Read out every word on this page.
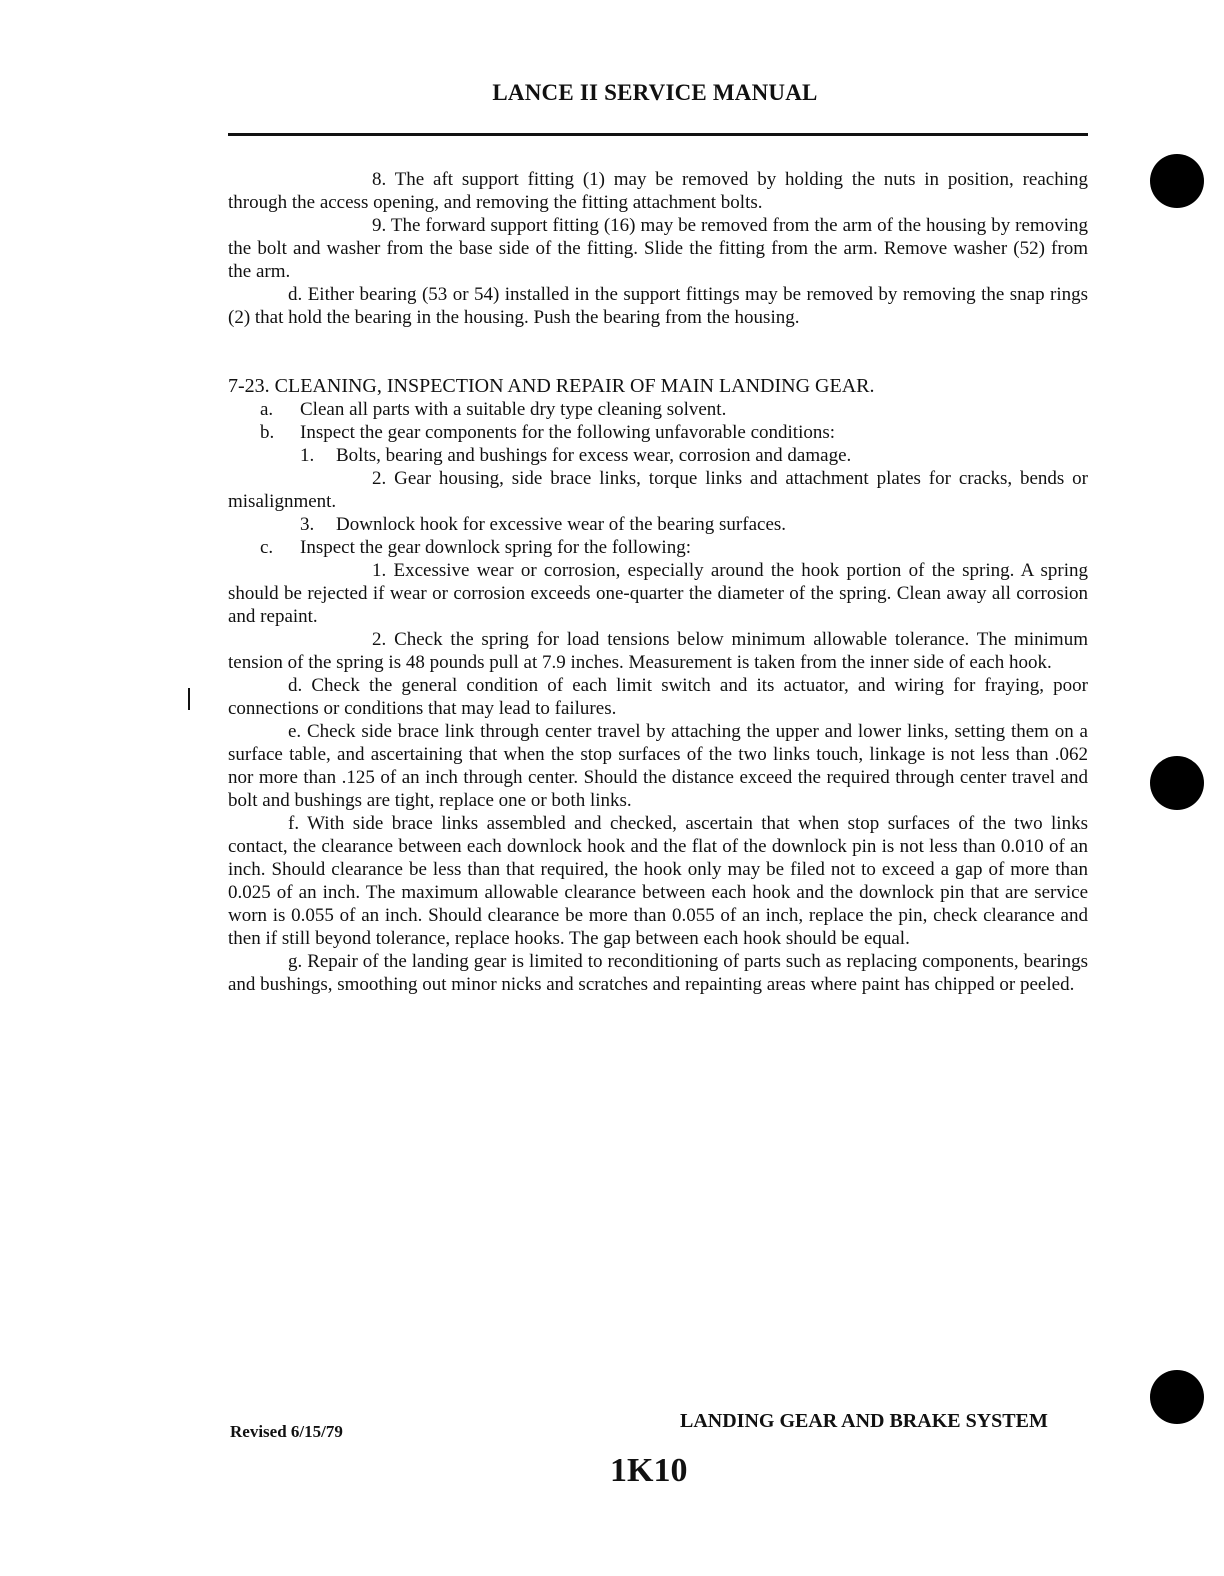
LANCE II SERVICE MANUAL

8. The aft support fitting (1) may be removed by holding the nuts in position, reaching through the access opening, and removing the fitting attachment bolts.

9. The forward support fitting (16) may be removed from the arm of the housing by removing the bolt and washer from the base side of the fitting. Slide the fitting from the arm. Remove washer (52) from the arm.

d. Either bearing (53 or 54) installed in the support fittings may be removed by removing the snap rings (2) that hold the bearing in the housing. Push the bearing from the housing.

7-23. CLEANING, INSPECTION AND REPAIR OF MAIN LANDING GEAR.

a. Clean all parts with a suitable dry type cleaning solvent.

b. Inspect the gear components for the following unfavorable conditions:

1. Bolts, bearing and bushings for excess wear, corrosion and damage.

2. Gear housing, side brace links, torque links and attachment plates for cracks, bends or misalignment.

3. Downlock hook for excessive wear of the bearing surfaces.

c. Inspect the gear downlock spring for the following:

1. Excessive wear or corrosion, especially around the hook portion of the spring. A spring should be rejected if wear or corrosion exceeds one-quarter the diameter of the spring. Clean away all corrosion and repaint.

2. Check the spring for load tensions below minimum allowable tolerance. The minimum tension of the spring is 48 pounds pull at 7.9 inches. Measurement is taken from the inner side of each hook.

d. Check the general condition of each limit switch and its actuator, and wiring for fraying, poor connections or conditions that may lead to failures.

e. Check side brace link through center travel by attaching the upper and lower links, setting them on a surface table, and ascertaining that when the stop surfaces of the two links touch, linkage is not less than .062 nor more than .125 of an inch through center. Should the distance exceed the required through center travel and bolt and bushings are tight, replace one or both links.

f. With side brace links assembled and checked, ascertain that when stop surfaces of the two links contact, the clearance between each downlock hook and the flat of the downlock pin is not less than 0.010 of an inch. Should clearance be less than that required, the hook only may be filed not to exceed a gap of more than 0.025 of an inch. The maximum allowable clearance between each hook and the downlock pin that are service worn is 0.055 of an inch. Should clearance be more than 0.055 of an inch, replace the pin, check clearance and then if still beyond tolerance, replace hooks. The gap between each hook should be equal.

g. Repair of the landing gear is limited to reconditioning of parts such as replacing components, bearings and bushings, smoothing out minor nicks and scratches and repainting areas where paint has chipped or peeled.

Revised 6/15/79	LANDING GEAR AND BRAKE SYSTEM
1K10
